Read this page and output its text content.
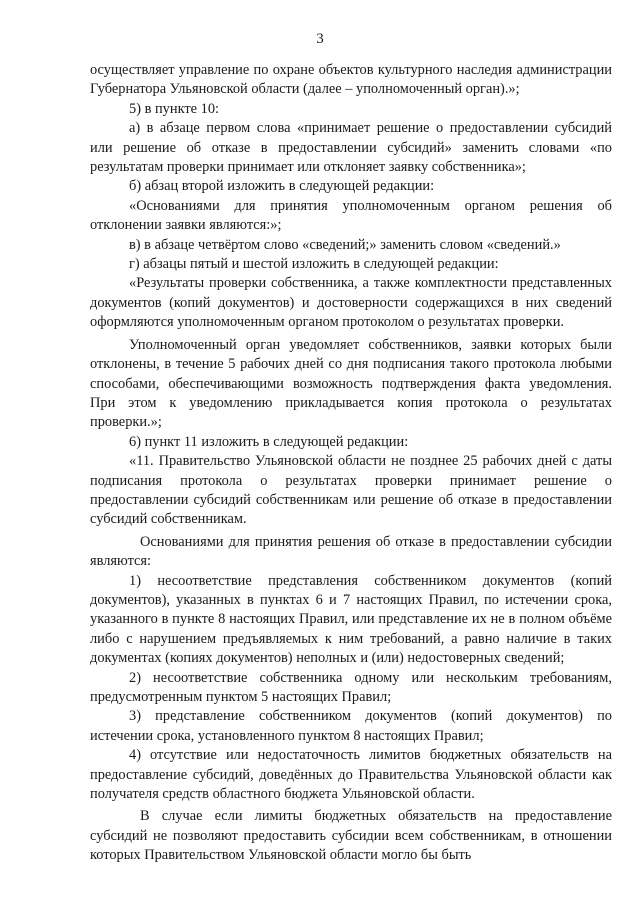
3

осуществляет управление по охране объектов культурного наследия администрации Губернатора Ульяновской области (далее – уполномоченный орган).»;

5) в пункте 10:

а) в абзаце первом слова «принимает решение о предоставлении субсидий или решение об отказе в предоставлении субсидий» заменить словами «по результатам проверки принимает или отклоняет заявку собственника»;

б) абзац второй изложить в следующей редакции:

«Основаниями для принятия уполномоченным органом решения об отклонении заявки являются:»;

в) в абзаце четвёртом слово «сведений;» заменить словом «сведений.»

г) абзацы пятый и шестой изложить в следующей редакции:

«Результаты проверки собственника, а также комплектности представленных документов (копий документов) и достоверности содержащихся в них сведений оформляются уполномоченным органом протоколом о результатах проверки.

Уполномоченный орган уведомляет собственников, заявки которых были отклонены, в течение 5 рабочих дней со дня подписания такого протокола любыми способами, обеспечивающими возможность подтверждения факта уведомления. При этом к уведомлению прикладывается копия протокола о результатах проверки.»;

6) пункт 11 изложить в следующей редакции:

«11. Правительство Ульяновской области не позднее 25 рабочих дней с даты подписания протокола о результатах проверки принимает решение о предоставлении субсидий собственникам или решение об отказе в предоставлении субсидий собственникам.

Основаниями для принятия решения об отказе в предоставлении субсидии являются:

1) несоответствие представления собственником документов (копий документов), указанных в пунктах 6 и 7 настоящих Правил, по истечении срока, указанного в пункте 8 настоящих Правил, или представление их не в полном объёме либо с нарушением предъявляемых к ним требований, а равно наличие в таких документах (копиях документов) неполных и (или) недостоверных сведений;

2) несоответствие собственника одному или нескольким требованиям, предусмотренным пунктом 5 настоящих Правил;

3) представление собственником документов (копий документов) по истечении срока, установленного пунктом 8 настоящих Правил;

4) отсутствие или недостаточность лимитов бюджетных обязательств на предоставление субсидий, доведённых до Правительства Ульяновской области как получателя средств областного бюджета Ульяновской области.

В случае если лимиты бюджетных обязательств на предоставление субсидий не позволяют предоставить субсидии всем собственникам, в отношении которых Правительством Ульяновской области могло бы быть
